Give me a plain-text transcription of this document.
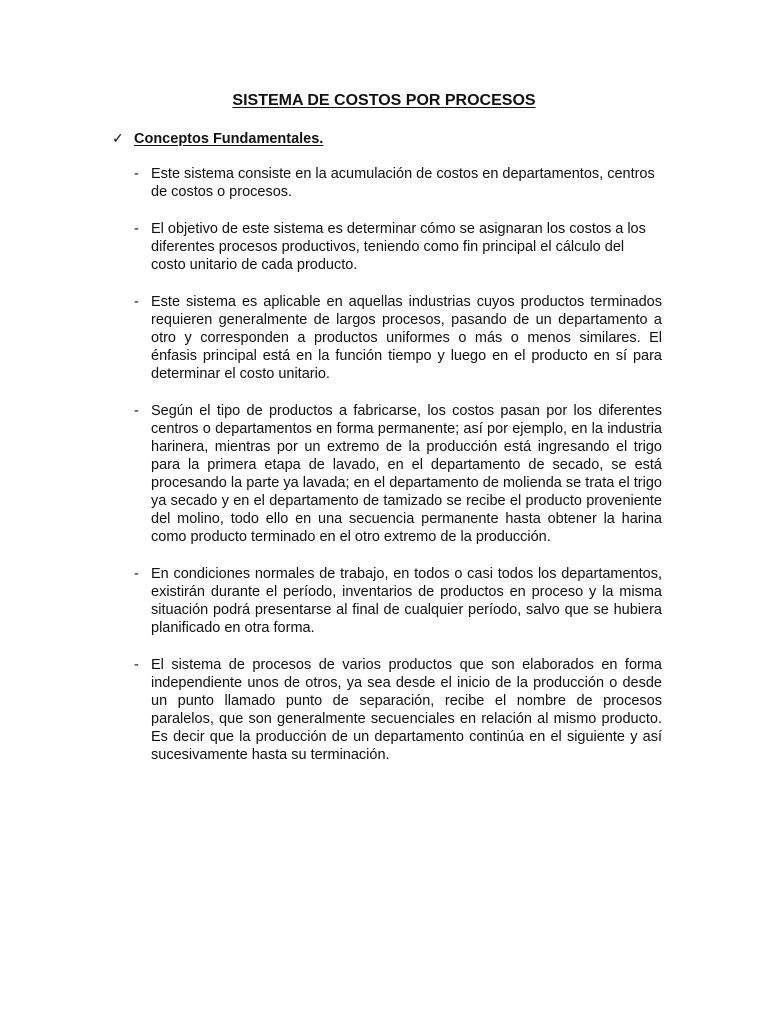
SISTEMA DE COSTOS POR PROCESOS
✓ Conceptos Fundamentales.
- Este sistema consiste en la acumulación de costos en departamentos, centros de costos o procesos.
- El objetivo de este sistema es determinar cómo se asignaran los costos a los diferentes procesos productivos, teniendo como fin principal el cálculo del costo unitario de cada producto.
- Este sistema es aplicable en aquellas industrias cuyos productos terminados requieren generalmente de largos procesos, pasando de un departamento a otro y corresponden a productos uniformes o más o menos similares. El énfasis principal está en la función tiempo y luego en el producto en sí para determinar el costo unitario.
- Según el tipo de productos a fabricarse, los costos pasan por los diferentes centros o departamentos en forma permanente; así por ejemplo, en la industria harinera, mientras por un extremo de la producción está ingresando el trigo para la primera etapa de lavado, en el departamento de secado, se está procesando la parte ya lavada; en el departamento de molienda se trata el trigo ya secado y en el departamento de tamizado se recibe el producto proveniente del molino, todo ello en una secuencia permanente hasta obtener la harina como producto terminado en el otro extremo de la producción.
- En condiciones normales de trabajo, en todos o casi todos los departamentos, existirán durante el período, inventarios de productos en proceso y la misma situación podrá presentarse al final de cualquier período, salvo que se hubiera planificado en otra forma.
- El sistema de procesos de varios productos que son elaborados en forma independiente unos de otros, ya sea desde el inicio de la producción o desde un punto llamado punto de separación, recibe el nombre de procesos paralelos, que son generalmente secuenciales en relación al mismo producto. Es decir que la producción de un departamento continúa en el siguiente y así sucesivamente hasta su terminación.
